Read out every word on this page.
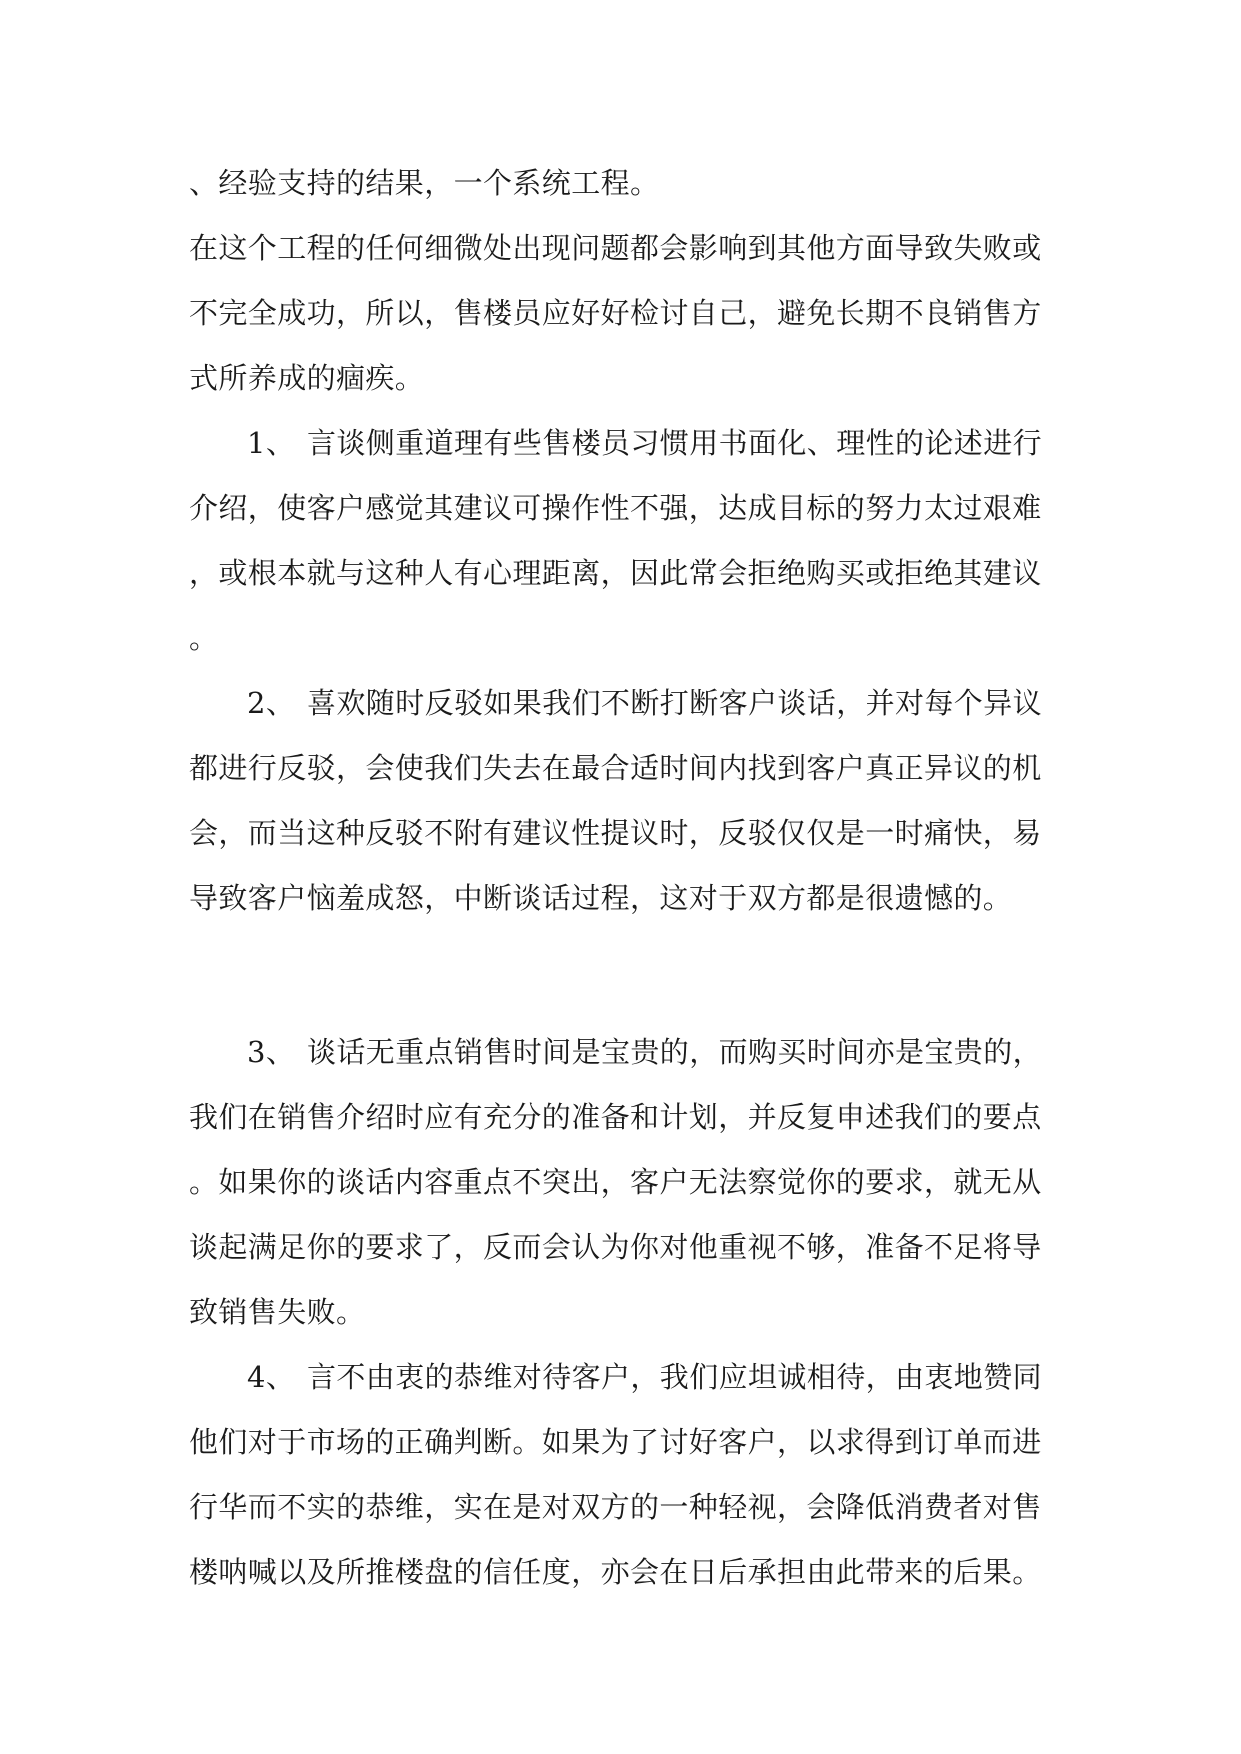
、经验支持的结果，一个系统工程。
在这个工程的任何细微处出现问题都会影响到其他方面导致失败或
不完全成功，所以，售楼员应好好检讨自己，避免长期不良销售方
式所养成的痼疾。
1、 言谈侧重道理有些售楼员习惯用书面化、理性的论述进行
介绍，使客户感觉其建议可操作性不强，达成目标的努力太过艰难
，或根本就与这种人有心理距离，因此常会拒绝购买或拒绝其建议
。
2、 喜欢随时反驳如果我们不断打断客户谈话，并对每个异议
都进行反驳，会使我们失去在最合适时间内找到客户真正异议的机
会，而当这种反驳不附有建议性提议时，反驳仅仅是一时痛快，易
导致客户恼羞成怒，中断谈话过程，这对于双方都是很遗憾的。
3、 谈话无重点销售时间是宝贵的，而购买时间亦是宝贵的，
我们在销售介绍时应有充分的准备和计划，并反复申述我们的要点
。如果你的谈话内容重点不突出，客户无法察觉你的要求，就无从
谈起满足你的要求了，反而会认为你对他重视不够，准备不足将导
致销售失败。
4、 言不由衷的恭维对待客户，我们应坦诚相待，由衷地赞同
他们对于市场的正确判断。如果为了讨好客户，以求得到订单而进
行华而不实的恭维，实在是对双方的一种轻视，会降低消费者对售
楼呐喊以及所推楼盘的信任度，亦会在日后承担由此带来的后果。
